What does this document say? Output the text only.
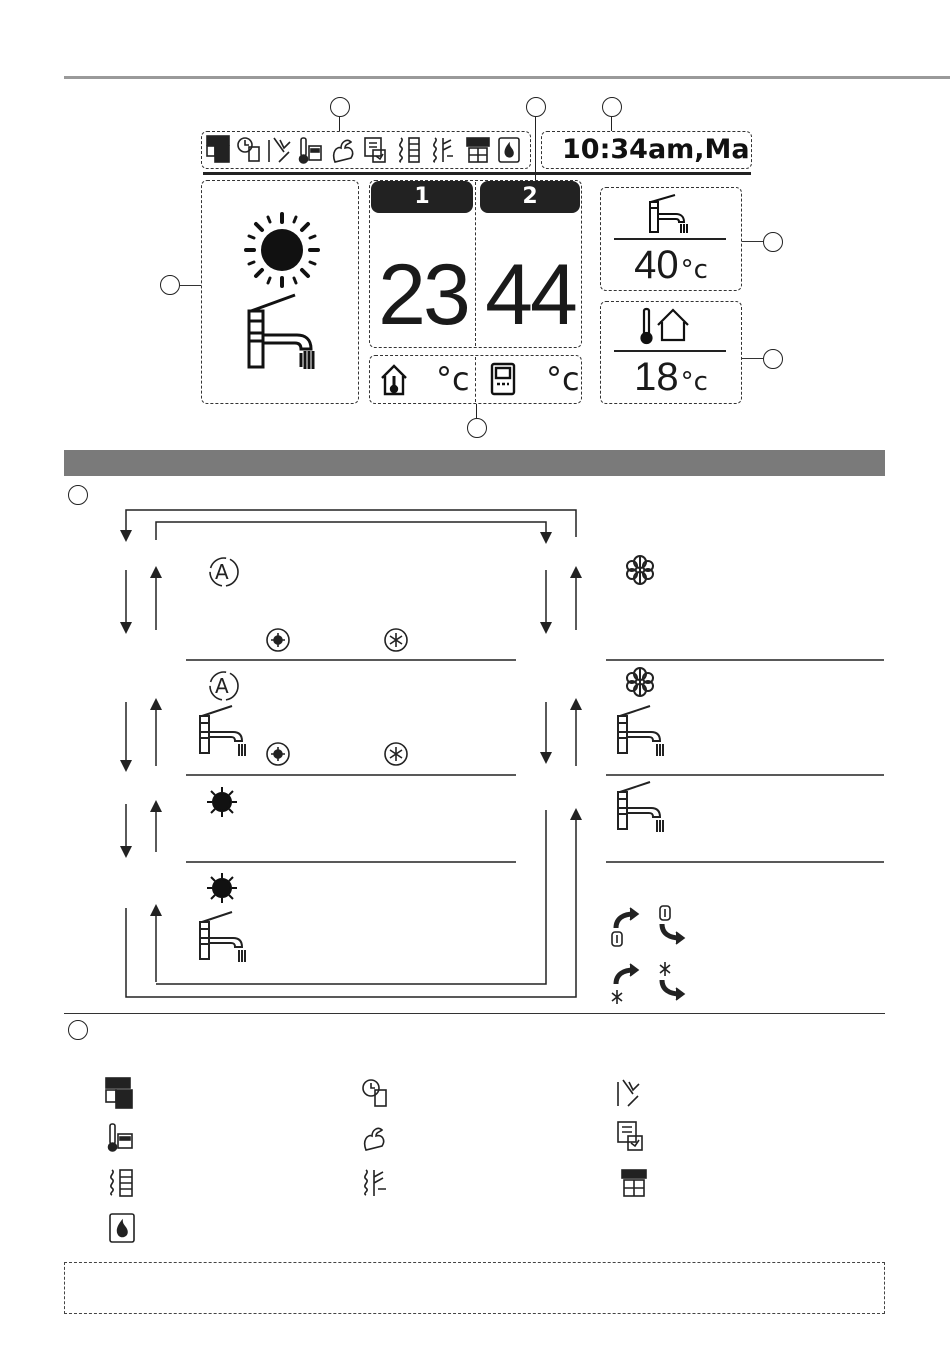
10:34am,Ma
1	2
23 44
°c °c
40°c
18°c
A
A
